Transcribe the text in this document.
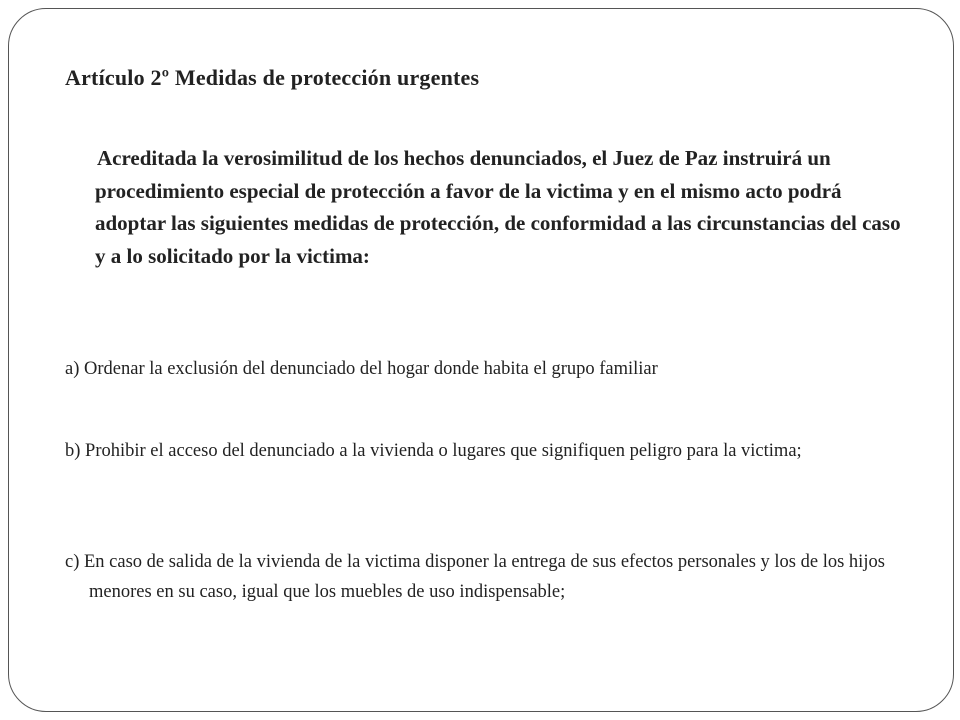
Artículo 2º Medidas de protección urgentes

Acreditada la verosimilitud de los hechos denunciados, el Juez de Paz instruirá un procedimiento especial de protección a favor de la victima y en el mismo acto podrá adoptar las siguientes medidas de protección, de conformidad a las circunstancias del caso y a lo solicitado por la victima:

a) Ordenar la exclusión del denunciado del hogar donde habita el grupo familiar

b) Prohibir el acceso del denunciado a la vivienda o lugares que signifiquen peligro para la victima;

c) En caso de salida de la vivienda de la victima disponer la entrega de sus efectos personales y los de los hijos menores en su caso, igual que los muebles de uso indispensable;
